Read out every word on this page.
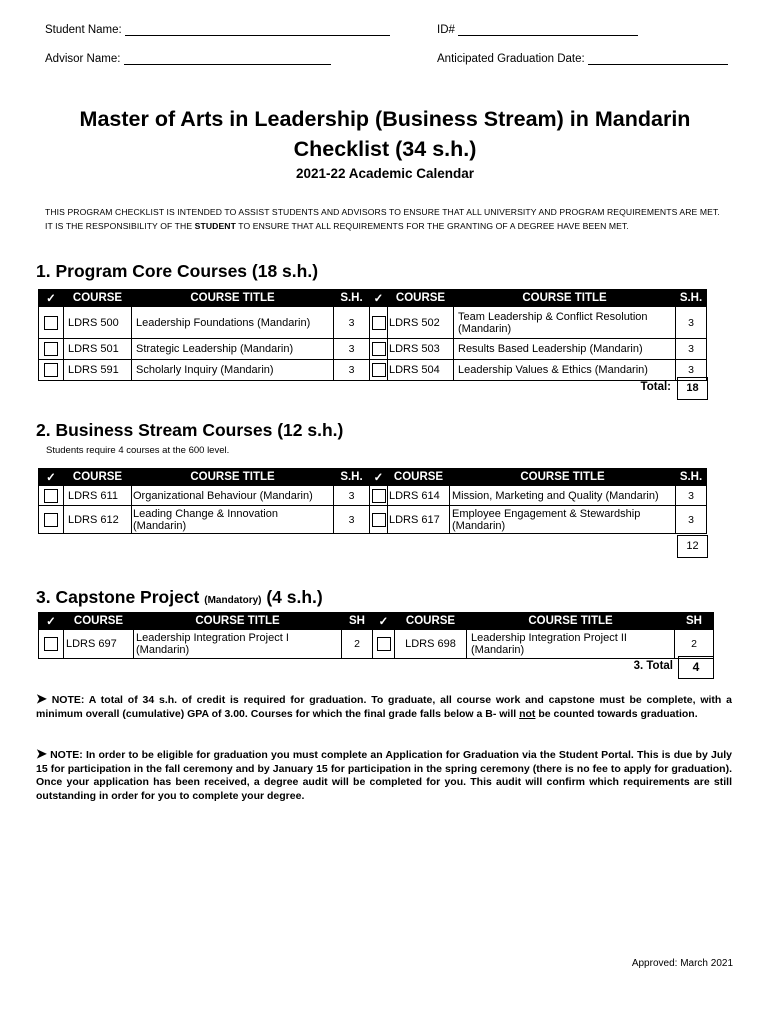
Student Name:	ID#
Advisor Name:	Anticipated Graduation Date:
Master of Arts in Leadership (Business Stream) in Mandarin
Checklist (34 s.h.)
2021-22 Academic Calendar
THIS PROGRAM CHECKLIST IS INTENDED TO ASSIST STUDENTS AND ADVISORS TO ENSURE THAT ALL UNIVERSITY AND PROGRAM REQUIREMENTS ARE MET.
IT IS THE RESPONSIBILITY OF THE STUDENT TO ENSURE THAT ALL REQUIREMENTS FOR THE GRANTING OF A DEGREE HAVE BEEN MET.
1. Program Core Courses (18 s.h.)
✓	COURSE	COURSE TITLE	S.H.	✓	COURSE	COURSE TITLE	S.H.
	LDRS 500	Leadership Foundations (Mandarin)	3		LDRS 502	Team Leadership & Conflict Resolution (Mandarin)	3
	LDRS 501	Strategic Leadership (Mandarin)	3		LDRS 503	Results Based Leadership (Mandarin)	3
	LDRS 591	Scholarly Inquiry (Mandarin)	3		LDRS 504	Leadership Values & Ethics (Mandarin)	3
Total:	18
2. Business Stream Courses (12 s.h.)
Students require 4 courses at the 600 level.
✓	COURSE	COURSE TITLE	S.H.	✓	COURSE	COURSE TITLE	S.H.
	LDRS 611	Organizational Behaviour (Mandarin)	3		LDRS 614	Mission, Marketing and Quality (Mandarin)	3
	LDRS 612	Leading Change & Innovation (Mandarin)	3		LDRS 617	Employee Engagement & Stewardship (Mandarin)	3
12
3. Capstone Project (Mandatory) (4 s.h.)
✓	COURSE	COURSE TITLE	SH	✓	COURSE	COURSE TITLE	SH
	LDRS 697	Leadership Integration Project I (Mandarin)	2		LDRS 698	Leadership Integration Project II (Mandarin)	2
3. Total	4
➤ NOTE: A total of 34 s.h. of credit is required for graduation. To graduate, all course work and capstone must be complete, with a minimum overall (cumulative) GPA of 3.00. Courses for which the final grade falls below a B- will not be counted towards graduation.
➤ NOTE: In order to be eligible for graduation you must complete an Application for Graduation via the Student Portal. This is due by July 15 for participation in the fall ceremony and by January 15 for participation in the spring ceremony (there is no fee to apply for graduation). Once your application has been received, a degree audit will be completed for you. This audit will confirm which requirements are still outstanding in order for you to complete your degree.
Approved: March 2021
